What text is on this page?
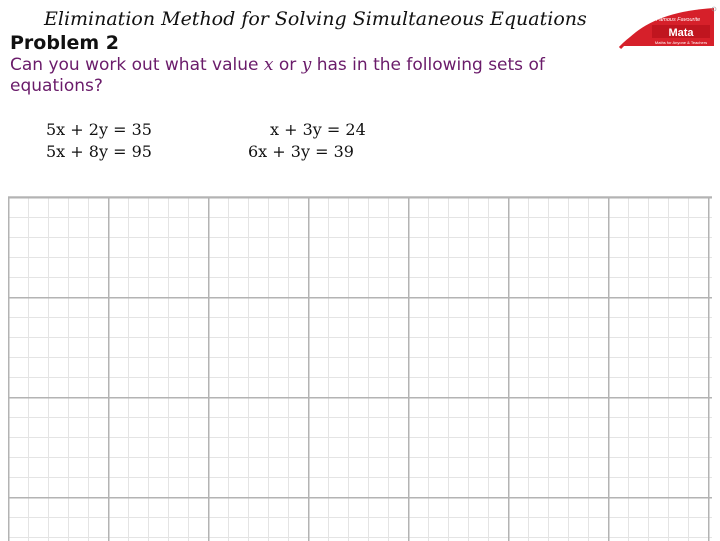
Elimination Method for Solving Simultaneous Equations	Famous Favourite
Mata
Maths for Anyone & Teachers
Problem 2
Can you work out what value x or y has in the following sets of equations?
5x + 2y = 35
5x + 8y = 95
x + 3y = 24
6x + 3y = 39
